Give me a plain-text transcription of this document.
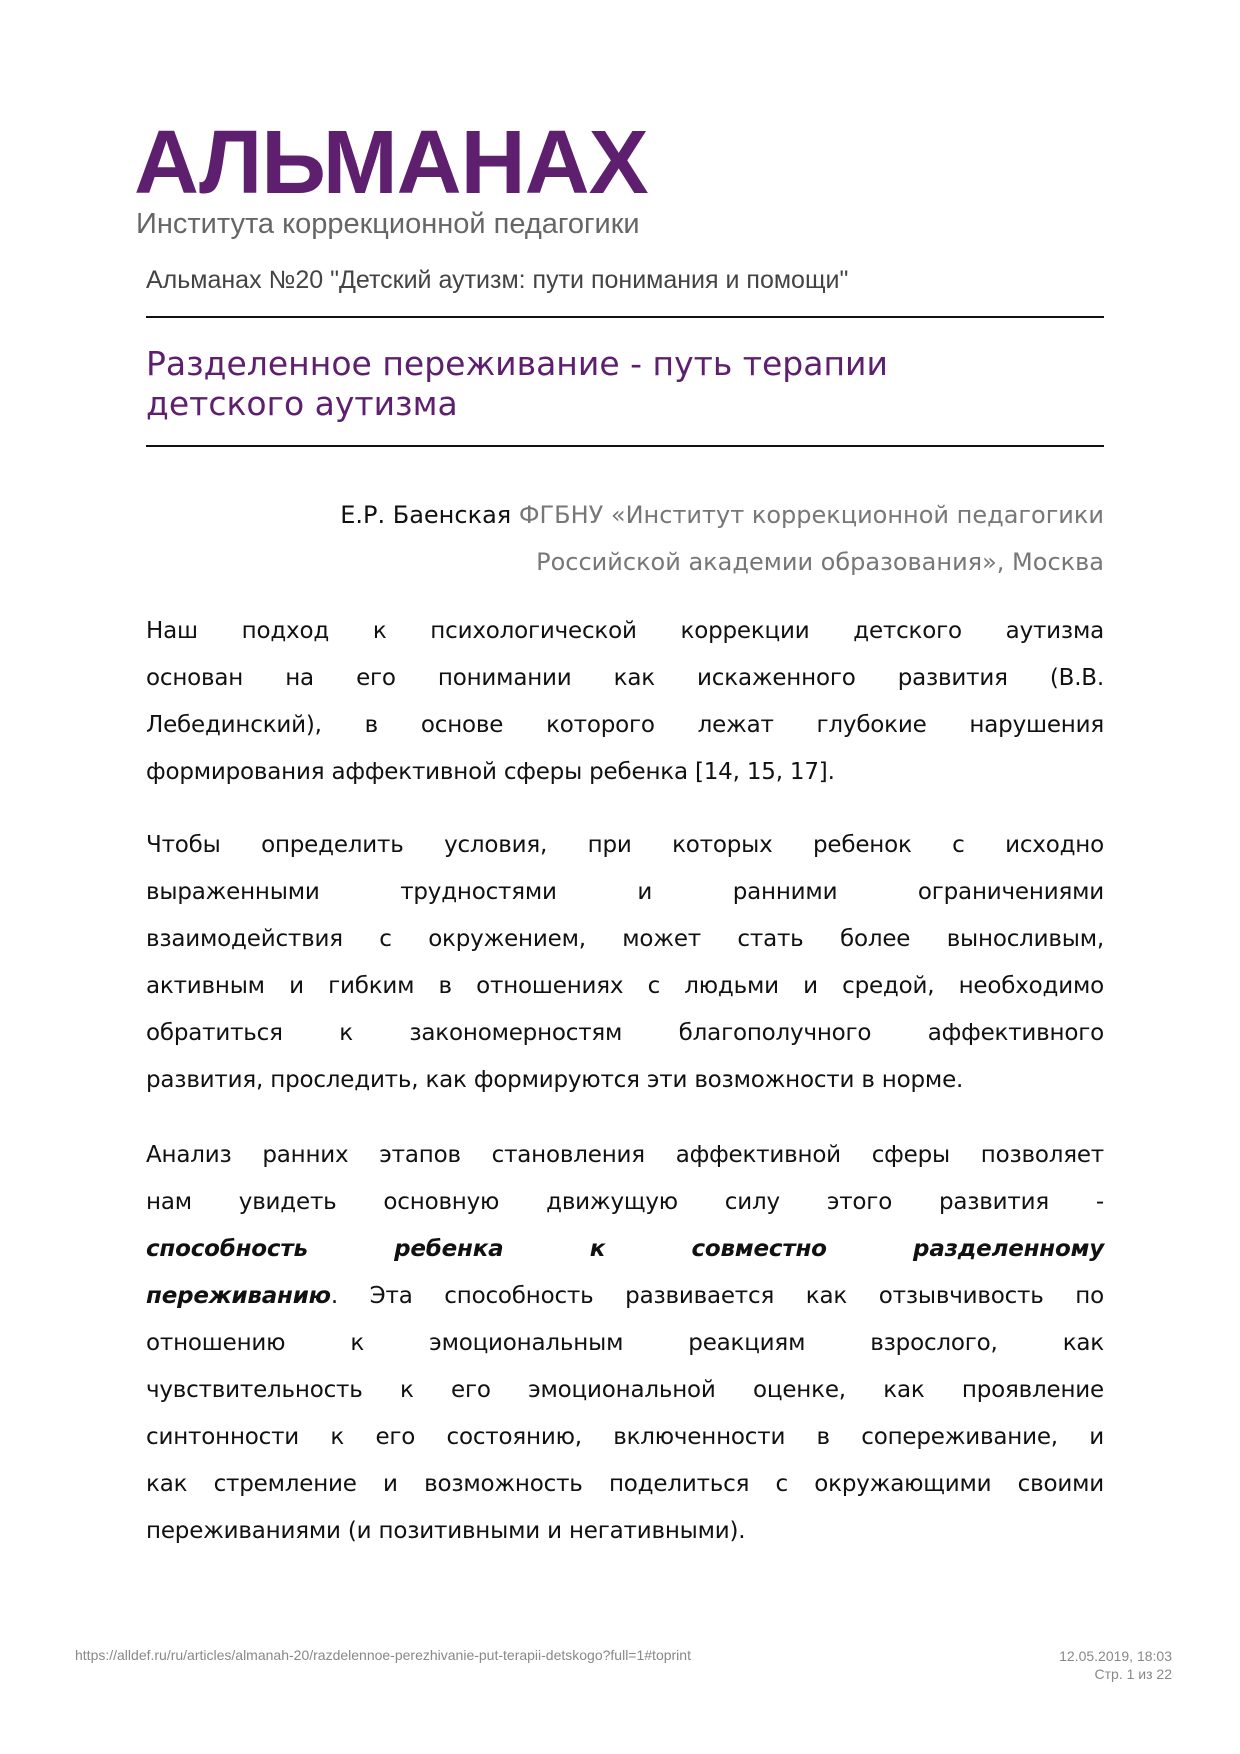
АЛЬМАНАХ
Института коррекционной педагогики
Альманах №20 "Детский аутизм: пути понимания и помощи"
Разделенное переживание - путь терапии
детского аутизма
Е.Р. Баенская ФГБНУ «Институт коррекционной педагогики
Российской академии образования», Москва
Наш подход к психологической коррекции детского аутизма
основан на его понимании как искаженного развития (В.В.
Лебединский), в основе которого лежат глубокие нарушения
формирования аффективной сферы ребенка [14, 15, 17].
Чтобы определить условия, при которых ребенок с исходно
выраженными трудностями и ранними ограничениями
взаимодействия с окружением, может стать более выносливым,
активным и гибким в отношениях с людьми и средой, необходимо
обратиться к закономерностям благополучного аффективного
развития, проследить, как формируются эти возможности в норме.
Анализ ранних этапов становления аффективной сферы позволяет
нам увидеть основную движущую силу этого развития -
способность ребенка к совместно разделенному
переживанию. Эта способность развивается как отзывчивость по
отношению к эмоциональным реакциям взрослого, как
чувствительность к его эмоциональной оценке, как проявление
синтонности к его состоянию, включенности в сопереживание, и
как стремление и возможность поделиться с окружающими своими
переживаниями (и позитивными и негативными).
https://alldef.ru/ru/articles/almanah-20/razdelennoe-perezhivanie-put-terapii-detskogo?full=1#toprint	12.05.2019, 18:03
Стр. 1 из 22
